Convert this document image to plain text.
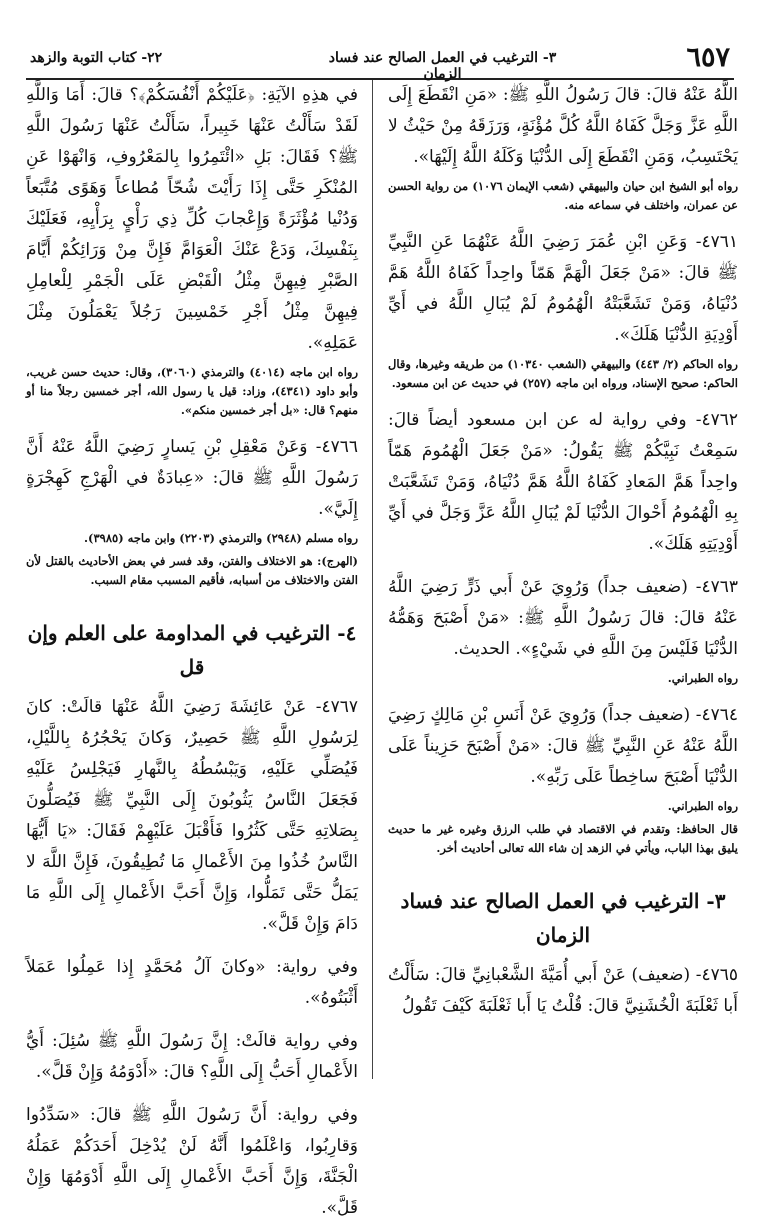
٦٥٧
٣- الترغيب في العمل الصالح عند فساد الزمان
٢٢- كتاب التوبة والزهد

اللَّهُ عَنْهُ قالَ: قالَ رَسُولُ اللَّهِ ﷺ: «مَنِ انْقَطَعَ إِلَى اللَّهِ عَزَّ وَجَلَّ كَفَاهُ اللَّهُ كُلَّ مُؤْنَةٍ، وَرَزَقَهُ مِنْ حَيْثُ لا يَحْتَسِبُ، وَمَنِ انْقَطَعَ إِلَى الدُّنْيَا وَكَلَهُ اللَّهُ إِلَيْهَا».

رواه أبو الشيخ ابن حيان والبيهقي (شعب الإيمان ١٠٧٦) من رواية الحسن عن عمران، واختلف في سماعه منه.

٤٧٦١- وَعَنِ ابْنِ عُمَرَ رَضِيَ اللَّهُ عَنْهُمَا عَنِ النَّبِيِّ ﷺ قالَ: «مَنْ جَعَلَ الْهَمَّ هَمّاً واحِداً كَفَاهُ اللَّهُ هَمَّ دُنْيَاهُ، وَمَنْ تَشَعَّبَتْهُ الْهُمُومُ لَمْ يُبَالِ اللَّهُ في أَيِّ أَوْدِيَةِ الدُّنْيَا هَلَكَ».

رواه الحاكم (٢/ ٤٤٣) والبيهقي (الشعب ١٠٣٤٠) من طريقه وغيرها، وقال الحاكم: صحيح الإسناد، ورواه ابن ماجه (٢٥٧) في حديث عن ابن مسعود.

٤٧٦٢- وفي رواية له عن ابن مسعود أيضاً قالَ: سَمِعْتُ نَبِيَّكُمْ ﷺ يَقُولُ: «مَنْ جَعَلَ الْهُمُومَ هَمّاً واحِداً هَمَّ المَعادِ كَفَاهُ اللَّهُ هَمَّ دُنْيَاهُ، وَمَنْ تَشَعَّبَتْ بِهِ الْهُمُومُ أَحْوالَ الدُّنْيَا لَمْ يُبَالِ اللَّهُ عَزَّ وَجَلَّ في أَيِّ أَوْدِيَتِهِ هَلَكَ».

٤٧٦٣- (ضعيف جداً) وَرُوِيَ عَنْ أَبي ذَرٍّ رَضِيَ اللَّهُ عَنْهُ قالَ: قالَ رَسُولُ اللَّهِ ﷺ: «مَنْ أَصْبَحَ وَهَمُّهُ الدُّنْيَا فَلَيْسَ مِنَ اللَّهِ في شَيْءٍ». الحديث.

رواه الطبراني.

٤٧٦٤- (ضعيف جداً) وَرُوِيَ عَنْ أَنَسِ بْنِ مَالِكٍ رَضِيَ اللَّهُ عَنْهُ عَنِ النَّبِيِّ ﷺ قالَ: «مَنْ أَصْبَحَ حَزِيناً عَلَى الدُّنْيَا أَصْبَحَ ساخِطاً عَلَى رَبِّهِ».

رواه الطبراني.

قال الحافظ: وتقدم في الاقتصاد في طلب الرزق وغيره غير ما حديث يليق بهذا الباب، ويأتي في الزهد إن شاء الله تعالى أحاديث أخر.

٣- الترغيب في العمل الصالح عند فساد الزمان

٤٧٦٥- (ضعيف) عَنْ أَبي أُمَيَّةَ الشَّعْبانِيِّ قالَ: سَأَلْتُ أَبا ثَعْلَبَةَ الْخُشَنِيَّ قالَ: قُلْتُ يَا أَبا ثَعْلَبَةَ كَيْفَ تَقُولُ

في هذِهِ الآيَةِ: ﴿عَلَيْكُمْ أَنْفُسَكُمْ﴾؟ قالَ: أَمَا وَاللَّهِ لَقَدْ سَأَلْتُ عَنْهَا خَبِيراً، سَأَلْتُ عَنْهَا رَسُولَ اللَّهِ ﷺ؟ فَقَالَ: بَلِ «ائْتَمِرُوا بِالمَعْرُوفِ، وَانْهَوْا عَنِ المُنْكَرِ حَتَّى إِذَا رَأَيْتَ شُحّاً مُطاعاً وَهَوًى مُتَّبَعاً وَدُنْيا مُؤْثَرَةً وَإِعْجابَ كُلِّ ذِي رَأْيٍ بِرَأْيِهِ، فَعَلَيْكَ بِنَفْسِكَ، وَدَعْ عَنْكَ الْعَوَامَّ فَإِنَّ مِنْ وَرَائِكُمْ أَيَّامَ الصَّبْرِ فِيهِنَّ مِثْلُ الْقَبْضِ عَلَى الْجَمْرِ لِلْعامِلِ فِيهِنَّ مِثْلُ أَجْرِ خَمْسِينَ رَجُلاً يَعْمَلُونَ مِثْلَ عَمَلِهِ».

رواه ابن ماجه (٤٠١٤) والترمذي (٣٠٦٠)، وقال: حديث حسن غريب، وأبو داود (٤٣٤١)، وزاد: قيل يا رسول الله، أجر خمسين رجلاً منا أو منهم؟ قال: «بل أجر خمسين منكم».

٤٧٦٦- وَعَنْ مَعْقِلِ بْنِ يَسارٍ رَضِيَ اللَّهُ عَنْهُ أَنَّ رَسُولَ اللَّهِ ﷺ قالَ: «عِبادَةٌ في الْهَرْجِ كَهِجْرَةٍ إِلَيَّ».

رواه مسلم (٢٩٤٨) والترمذي (٢٢٠٣) وابن ماجه (٣٩٨٥).

(الهرج): هو الاختلاف والفتن، وقد فسر في بعض الأحاديث بالقتل لأن الفتن والاختلاف من أسبابه، فأقيم المسبب مقام السبب.

٤- الترغيب في المداومة على العلم وإن قل

٤٧٦٧- عَنْ عَائِشَةَ رَضِيَ اللَّهُ عَنْهَا قالَتْ: كانَ لِرَسُولِ اللَّهِ ﷺ حَصِيرٌ، وَكانَ يَحْجُرُهُ بِاللَّيْلِ، فَيُصَلِّي عَلَيْهِ، وَيَبْسُطُهُ بِالنَّهارِ فَيَجْلِسُ عَلَيْهِ فَجَعَلَ النَّاسُ يَثُوبُونَ إِلَى النَّبِيِّ ﷺ فَيُصَلُّونَ بِصَلاتِهِ حَتَّى كَثُرُوا فَأَقْبَلَ عَلَيْهِمْ فَقَالَ: «يَا أَيُّهَا النَّاسُ خُذُوا مِنَ الأَعْمالِ مَا تُطِيقُونَ، فَإِنَّ اللَّهَ لا يَمَلُّ حَتَّى تَمَلُّوا، وَإِنَّ أَحَبَّ الأَعْمالِ إِلَى اللَّهِ مَا دَامَ وَإِنْ قَلَّ».

وفي رواية: «وكانَ آلُ مُحَمَّدٍ إِذا عَمِلُوا عَمَلاً أَثْبَتُوهُ».

وفي رواية قالَتْ: إِنَّ رَسُولَ اللَّهِ ﷺ سُئِلَ: أَيُّ الأَعْمالِ أَحَبُّ إِلَى اللَّهِ؟ قالَ: «أَدْوَمُهُ وَإِنْ قَلَّ».

وفي رواية: أَنَّ رَسُولَ اللَّهِ ﷺ قالَ: «سَدِّدُوا وَقارِبُوا، وَاعْلَمُوا أَنَّهُ لَنْ يُدْخِلَ أَحَدَكُمْ عَمَلُهُ الْجَنَّةَ، وَإِنَّ أَحَبَّ الأَعْمالِ إِلَى اللَّهِ أَدْوَمُهَا وَإِنْ قَلَّ».
